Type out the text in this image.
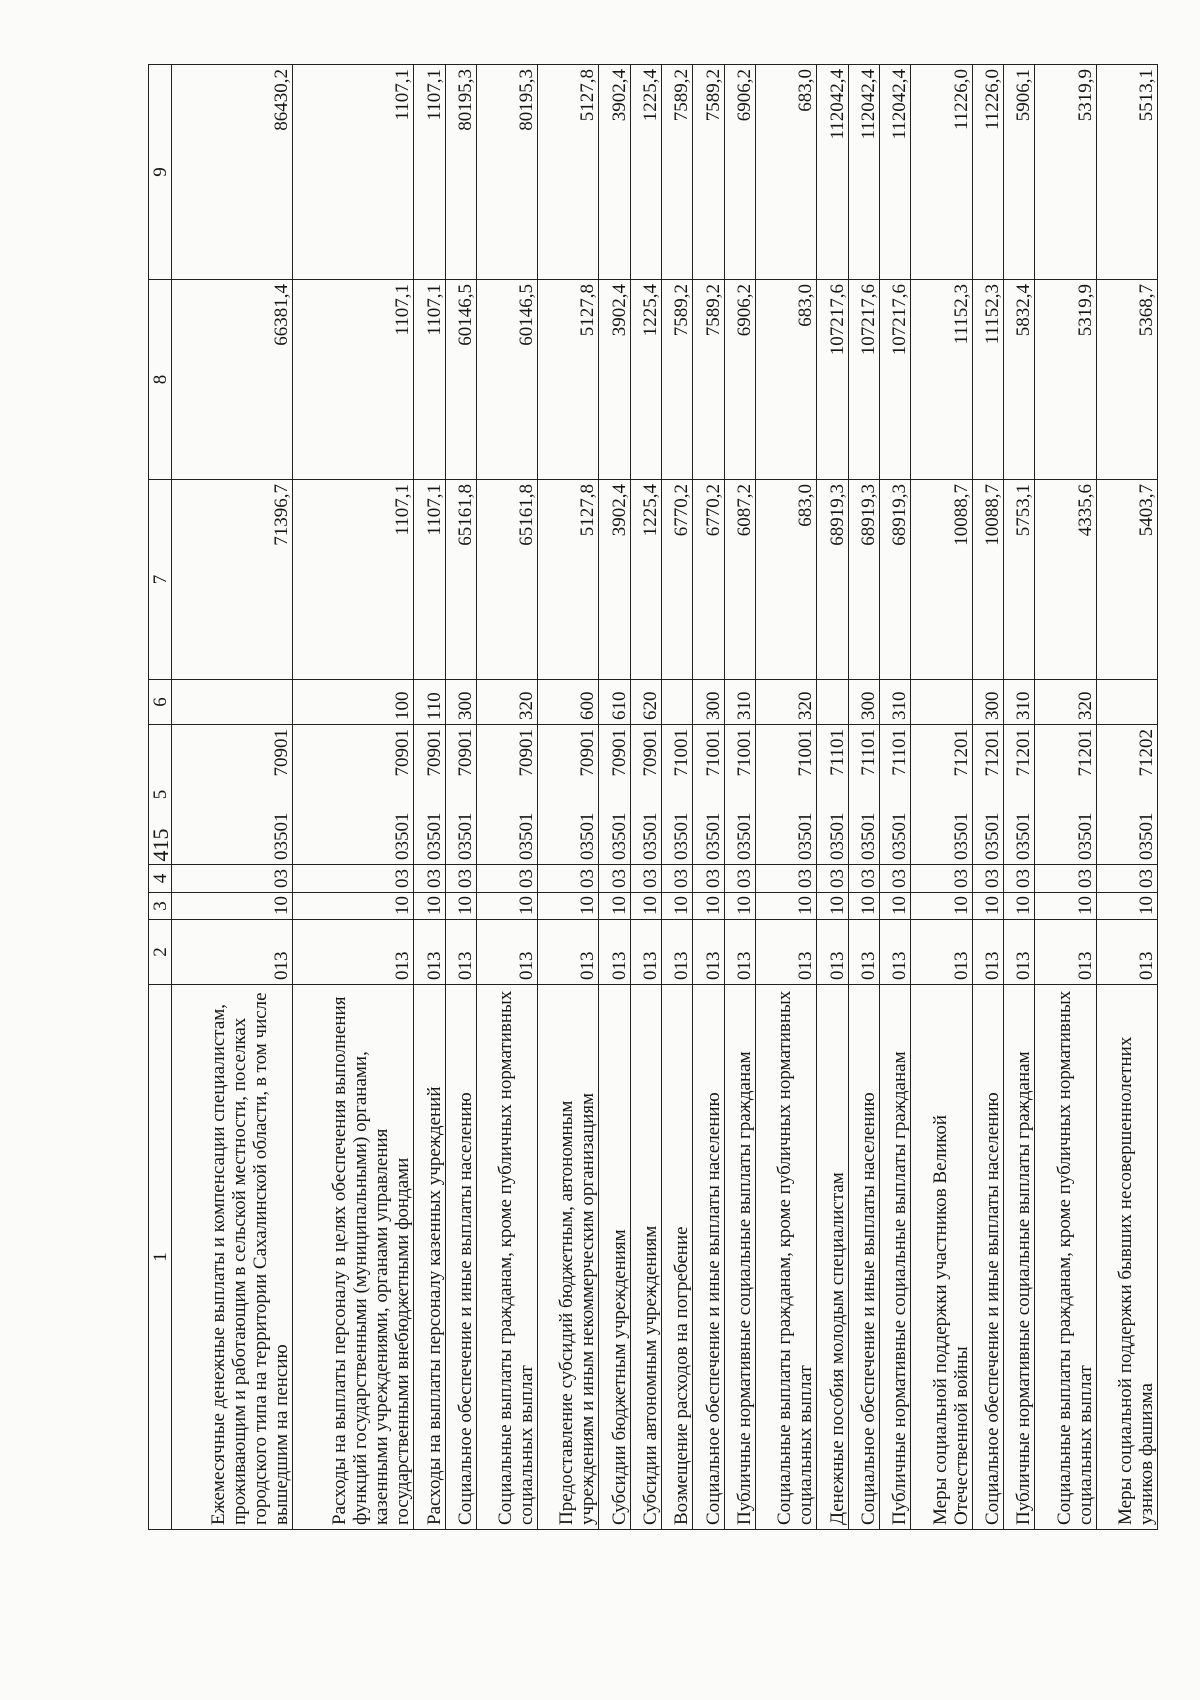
415
1	2	3	4	5		6	7	8	9
Ежемесячные денежные выплаты и компенсации специалистам, проживающим и работающим в сельской местности, поселках городского типа на территории Сахалинской области, в том числе вышедшим на пенсию	013	10	03	03501	70901		71396,7	66381,4	86430,2
Расходы на выплаты персоналу в целях обеспечения выполнения функций государственными (муниципальными) органами, казенными учреждениями, органами управления государственными внебюджетными фондами	013	10	03	03501	70901	100	1107,1	1107,1	1107,1
Расходы на выплаты персоналу казенных учреждений	013	10	03	03501	70901	110	1107,1	1107,1	1107,1
Социальное обеспечение и иные выплаты населению	013	10	03	03501	70901	300	65161,8	60146,5	80195,3
Социальные выплаты гражданам, кроме публичных нормативных социальных выплат	013	10	03	03501	70901	320	65161,8	60146,5	80195,3
Предоставление субсидий бюджетным, автономным учреждениям и иным некоммерческим организациям	013	10	03	03501	70901	600	5127,8	5127,8	5127,8
Субсидии бюджетным учреждениям	013	10	03	03501	70901	610	3902,4	3902,4	3902,4
Субсидии автономным учреждениям	013	10	03	03501	70901	620	1225,4	1225,4	1225,4
Возмещение расходов на погребение	013	10	03	03501	71001		6770,2	7589,2	7589,2
Социальное обеспечение и иные выплаты населению	013	10	03	03501	71001	300	6770,2	7589,2	7589,2
Публичные нормативные социальные выплаты гражданам	013	10	03	03501	71001	310	6087,2	6906,2	6906,2
Социальные выплаты гражданам, кроме публичных нормативных социальных выплат	013	10	03	03501	71001	320	683,0	683,0	683,0
Денежные пособия молодым специалистам	013	10	03	03501	71101		68919,3	107217,6	112042,4
Социальное обеспечение и иные выплаты населению	013	10	03	03501	71101	300	68919,3	107217,6	112042,4
Публичные нормативные социальные выплаты гражданам	013	10	03	03501	71101	310	68919,3	107217,6	112042,4
Меры социальной поддержки участников Великой Отечественной войны	013	10	03	03501	71201		10088,7	11152,3	11226,0
Социальное обеспечение и иные выплаты населению	013	10	03	03501	71201	300	10088,7	11152,3	11226,0
Публичные нормативные социальные выплаты гражданам	013	10	03	03501	71201	310	5753,1	5832,4	5906,1
Социальные выплаты гражданам, кроме публичных нормативных социальных выплат	013	10	03	03501	71201	320	4335,6	5319,9	5319,9
Меры социальной поддержки бывших несовершеннолетних узников фашизма	013	10	03	03501	71202		5403,7	5368,7	5513,1
